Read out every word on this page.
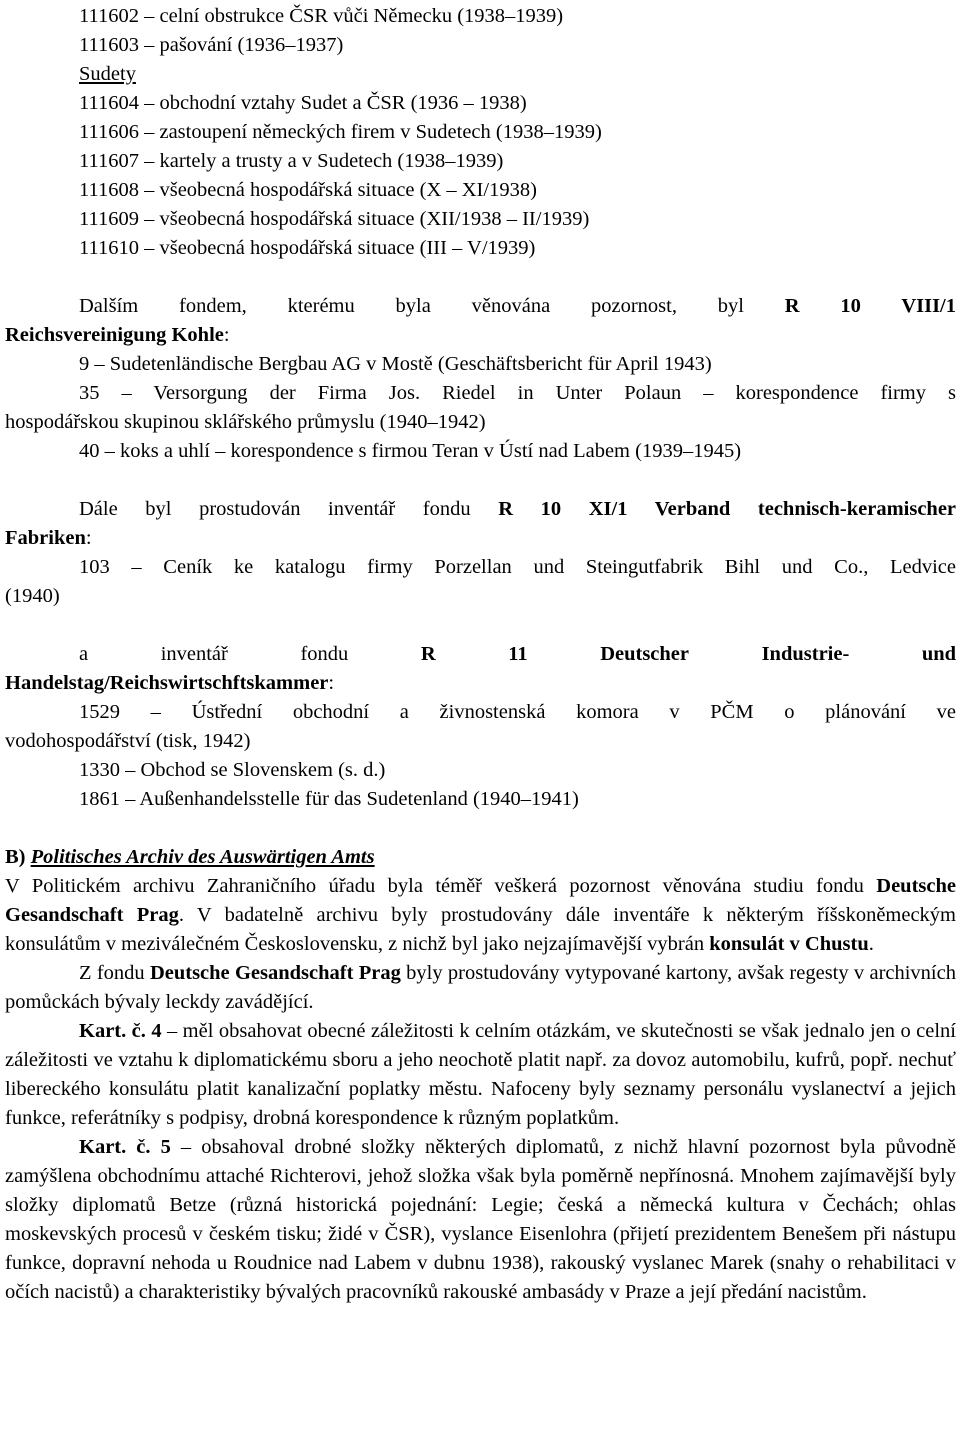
111602 – celní obstrukce ČSR vůči Německu (1938–1939)
111603 – pašování (1936–1937)
Sudety
111604 – obchodní vztahy Sudet a ČSR (1936 – 1938)
111606 – zastoupení německých firem v Sudetech (1938–1939)
111607 – kartely a trusty a v Sudetech (1938–1939)
111608 – všeobecná hospodářská situace (X – XI/1938)
111609 – všeobecná hospodářská situace (XII/1938 – II/1939)
111610 – všeobecná hospodářská situace (III – V/1939)
Dalším fondem, kterému byla věnována pozornost, byl R 10 VIII/1
Reichsvereinigung Kohle:
9 – Sudetenländische Bergbau AG v Mostě (Geschäftsbericht für April 1943)
35 – Versorgung der Firma Jos. Riedel in Unter Polaun – korespondence firmy s
hospodářskou skupinou sklářského průmyslu (1940–1942)
40 – koks a uhlí – korespondence s firmou Teran v Ústí nad Labem (1939–1945)
Dále byl prostudován inventář fondu R 10 XI/1 Verband technisch-keramischer
Fabriken:
103 – Ceník ke katalogu firmy Porzellan und Steingutfabrik Bihl und Co., Ledvice
(1940)
a	inventář	fondu	R	11	Deutscher	Industrie-	und
Handelstag/Reichswirtschftskammer:
1529 – Ústřední obchodní a živnostenská komora v PČM o plánování ve
vodohospodářství (tisk, 1942)
1330 – Obchod se Slovenskem (s. d.)
1861 – Außenhandelsstelle für das Sudetenland (1940–1941)
B) Politisches Archiv des Auswärtigen Amts

V Politickém archivu Zahraničního úřadu byla téměř veškerá pozornost věnována studiu fondu Deutsche Gesandschaft Prag. V badatelně archivu byly prostudovány dále inventáře k některým říšskoněmeckým konsulátům v meziválečném Československu, z nichž byl jako nejzajímavější vybrán konsulát v Chustu.

Z fondu Deutsche Gesandschaft Prag byly prostudovány vytypované kartony, avšak regesty v archivních pomůckách bývaly leckdy zavádějící.

Kart. č. 4 – měl obsahovat obecné záležitosti k celním otázkám, ve skutečnosti se však jednalo jen o celní záležitosti ve vztahu k diplomatickému sboru a jeho neochotě platit např. za dovoz automobilu, kufrů, popř. nechuť libereckého konsulátu platit kanalizační poplatky městu. Nafoceny byly seznamy personálu vyslanectví a jejich funkce, referátníky s podpisy, drobná korespondence k různým poplatkům.

Kart. č. 5 – obsahoval drobné složky některých diplomatů, z nichž hlavní pozornost byla původně zamýšlena obchodnímu attaché Richterovi, jehož složka však byla poměrně nepřínosná. Mnohem zajímavější byly složky diplomatů Betze (různá historická pojednání: Legie; česká a německá kultura v Čechách; ohlas moskevských procesů v českém tisku; židé v ČSR), vyslance Eisenlohra (přijetí prezidentem Benešem při nástupu funkce, dopravní nehoda u Roudnice nad Labem v dubnu 1938), rakouský vyslanec Marek (snahy o rehabilitaci v očích nacistů) a charakteristiky bývalých pracovníků rakouské ambasády v Praze a její předání nacistům.
